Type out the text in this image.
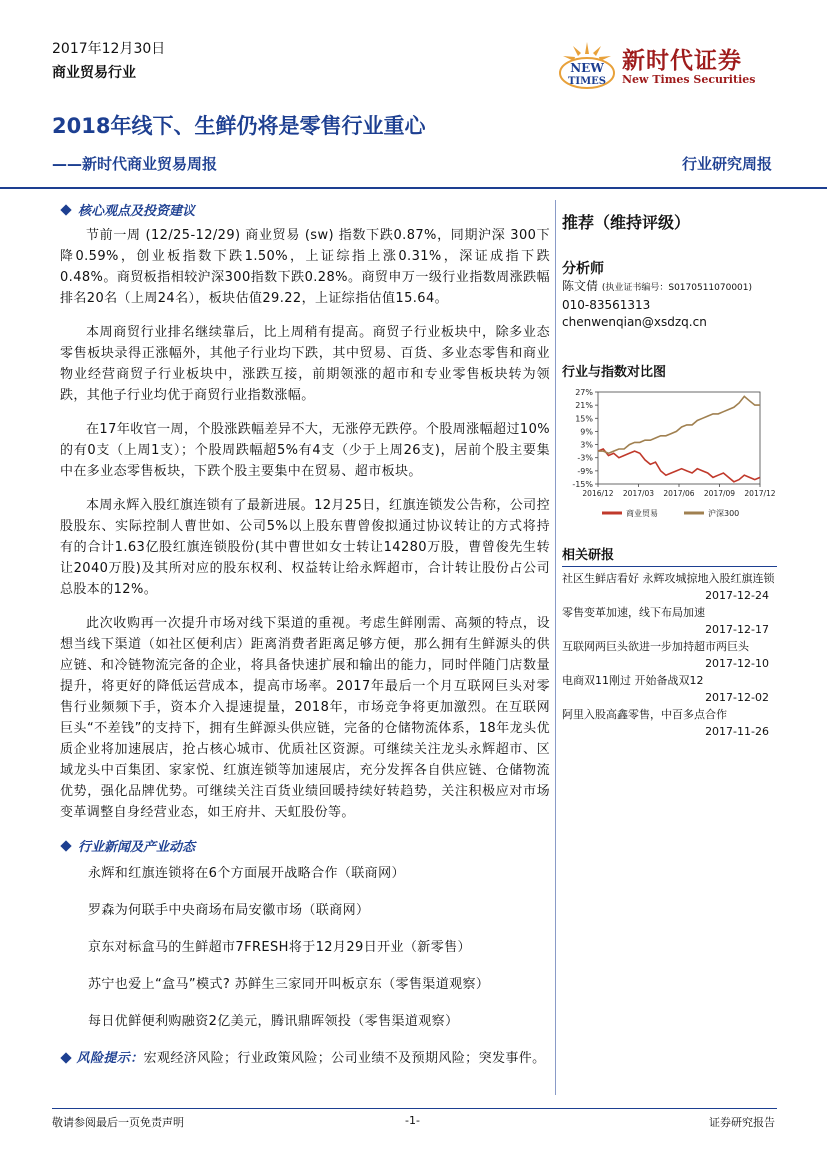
2017年12月30日
商业贸易行业	NEW
TIMES
新时代证券
New Times Securities
2018年线下、生鲜仍将是零售行业重心
——新时代商业贸易周报	行业研究周报
核心观点及投资建议

节前一周 (12/25-12/29) 商业贸易 (sw) 指数下跌0.87%，同期沪深 300下降0.59%，创业板指数下跌1.50%，上证综指上涨0.31%，深证成指下跌0.48%。商贸板指相较沪深300指数下跌0.28%。商贸申万一级行业指数周涨跌幅排名20名（上周24名），板块估值29.22，上证综指估值15.64。

本周商贸行业排名继续靠后，比上周稍有提高。商贸子行业板块中，除多业态零售板块录得正涨幅外，其他子行业均下跌，其中贸易、百货、多业态零售和商业物业经营商贸子行业板块中，涨跌互接，前期领涨的超市和专业零售板块转为领跌，其他子行业均优于商贸行业指数涨幅。

在17年收官一周，个股涨跌幅差异不大，无涨停无跌停。个股周涨幅超过10%的有0支（上周1支）；个股周跌幅超5%有4支（少于上周26支)，居前个股主要集中在多业态零售板块，下跌个股主要集中在贸易、超市板块。

本周永辉入股红旗连锁有了最新进展。12月25日，红旗连锁发公告称，公司控股股东、实际控制人曹世如、公司5%以上股东曹曾俊拟通过协议转让的方式将持有的合计1.63亿股红旗连锁股份(其中曹世如女士转让14280万股，曹曾俊先生转让2040万股)及其所对应的股东权利、权益转让给永辉超市，合计转让股份占公司总股本的12%。

此次收购再一次提升市场对线下渠道的重视。考虑生鲜刚需、高频的特点，设想当线下渠道（如社区便利店）距离消费者距离足够方便，那么拥有生鲜源头的供应链、和冷链物流完备的企业，将具备快速扩展和输出的能力，同时伴随门店数量提升，将更好的降低运营成本，提高市场率。2017年最后一个月互联网巨头对零售行业频频下手，资本介入提速提量，2018年，市场竞争将更加激烈。在互联网巨头“不差钱”的支持下，拥有生鲜源头供应链，完备的仓储物流体系，18年龙头优质企业将加速展店，抢占核心城市、优质社区资源。可继续关注龙头永辉超市、区域龙头中百集团、家家悦、红旗连锁等加速展店，充分发挥各自供应链、仓储物流优势，强化品牌优势。可继续关注百货业绩回暖持续好转趋势，关注积极应对市场变革调整自身经营业态，如王府井、天虹股份等。

行业新闻及产业动态
永辉和红旗连锁将在6个方面展开战略合作（联商网）
罗森为何联手中央商场布局安徽市场（联商网）
京东对标盒马的生鲜超市7FRESH将于12月29日开业（新零售）
苏宁也爱上“盒马”模式? 苏鲜生三家同开叫板京东（零售渠道观察）
每日优鲜便利购融资2亿美元，腾讯鼎晖领投（零售渠道观察）
风险提示：宏观经济风险；行业政策风险；公司业绩不及预期风险；突发事件。
推荐（维持评级）
分析师
陈文倩 (执业证书编号：S0170511070001)
010-83561313
chenwenqian@xsdzq.cn
行业与指数对比图
27%
21%
15%
9%
3%
-3%
-9%
-15%
2016/12 2017/03 2017/06 2017/09 2017/12
商业贸易	沪深300
相关研报
社区生鲜店看好 永辉攻城掠地入股红旗连锁
2017-12-24
零售变革加速，线下布局加速
2017-12-17
互联网两巨头欲进一步加持超市两巨头
2017-12-10
电商双11刚过 开始备战双12
2017-12-02
阿里入股高鑫零售，中百多点合作
2017-11-26
敬请参阅最后一页免责声明	-1-	证券研究报告
